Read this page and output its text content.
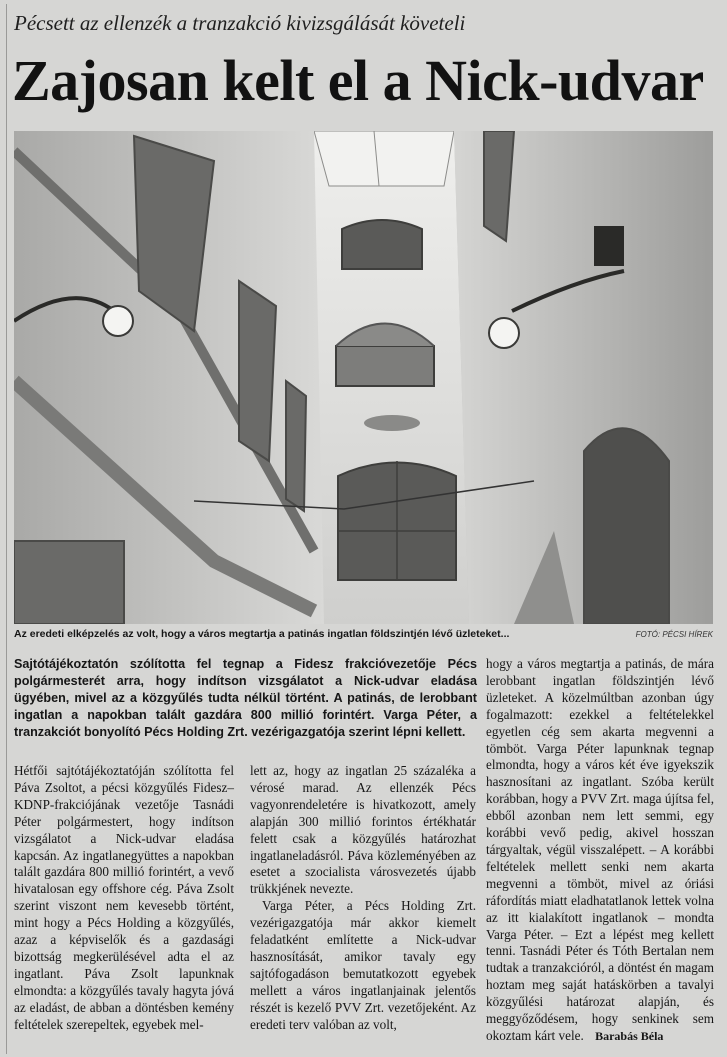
Pécsett az ellenzék a tranzakció kivizsgálását követeli
Zajosan kelt el a Nick-udvar
Az eredeti elképzelés az volt, hogy a város megtartja a patinás ingatlan földszintjén lévő üzleteket...	FOTÓ: PÉCSI HÍREK
Sajtótájékoztatón szólította fel tegnap a Fidesz frakcióvezetője Pécs polgármesterét arra, hogy indítson vizsgálatot a Nick-udvar eladása ügyében, mivel az a közgyűlés tudta nélkül történt. A patinás, de lerobbant ingatlan a napokban talált gazdára 800 millió forintért. Varga Péter, a tranzakciót bonyolító Pécs Holding Zrt. vezérigazgatója szerint lépni kellett.
Hétfői sajtótájékoztatóján szólította fel Páva Zsoltot, a pécsi közgyűlés Fidesz–KDNP-frakciójának vezetője Tasnádi Péter polgármestert, hogy indítson vizsgálatot a Nick-udvar eladása kapcsán. Az ingatlanegyüttes a napokban talált gazdára 800 millió forintért, a vevő hivatalosan egy offshore cég. Páva Zsolt szerint viszont nem kevesebb történt, mint hogy a Pécs Holding a közgyűlés, azaz a képviselők és a gazdasági bizottság megkerülésével adta el az ingatlant. Páva Zsolt lapunknak elmondta: a közgyűlés tavaly hagyta jóvá az eladást, de abban a döntésben kemény feltételek szerepeltek, egyebek mel-
lett az, hogy az ingatlan 25 százaléka a vérosé marad. Az ellenzék Pécs vagyonrendeletére is hivatkozott, amely alapján 300 millió forintos értékhatár felett csak a közgyűlés határozhat ingatlaneladásról. Páva közleményében az esetet a szocialista városvezetés újabb trükkjének nevezte.
Varga Péter, a Pécs Holding Zrt. vezérigazgatója már akkor kiemelt feladatként említette a Nick-udvar hasznosítását, amikor tavaly egy sajtófogadáson bemutatkozott egyebek mellett a város ingatlanjainak jelentős részét is kezelő PVV Zrt. vezetőjeként. Az eredeti terv valóban az volt,
hogy a város megtartja a patinás, de mára lerobbant ingatlan földszintjén lévő üzleteket. A közelmúltban azonban úgy fogalmazott: ezekkel a feltételekkel egyetlen cég sem akarta megvenni a tömböt. Varga Péter lapunknak tegnap elmondta, hogy a város két éve igyekszik hasznosítani az ingatlant. Szóba került korábban, hogy a PVV Zrt. maga újítsa fel, ebből azonban nem lett semmi, egy korábbi vevő pedig, akivel hosszan tárgyaltak, végül visszalépett. – A korábbi feltételek mellett senki nem akarta megvenni a tömböt, mivel az óriási ráfordítás miatt eladhatatlanok lettek volna az itt kialakított ingatlanok – mondta Varga Péter. – Ezt a lépést meg kellett tenni. Tasnádi Péter és Tóth Bertalan nem tudtak a tranzakcióról, a döntést én magam hoztam meg saját hatáskörben a tavalyi közgyűlési határozat alapján, és meggyőződésem, hogy senkinek sem okoztam kárt vele. Barabás Béla
